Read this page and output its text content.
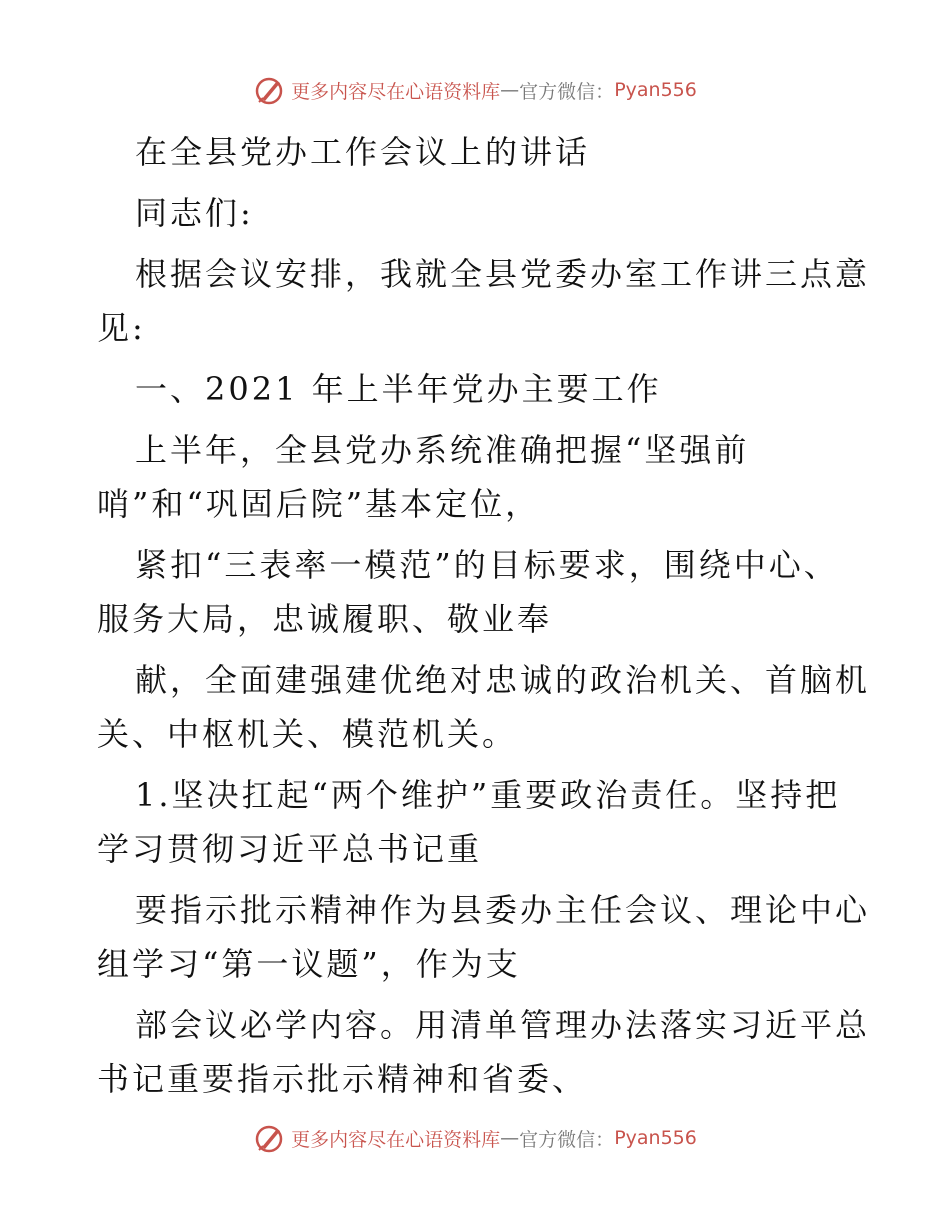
更多内容尽在心语资料库 — 官方微信： Pyan556
在全县党办工作会议上的讲话
同志们:
根据会议安排，我就全县党委办室工作讲三点意
见:
一、2021 年上半年党办主要工作
上半年，全县党办系统准确把握“坚强前
哨”和“巩固后院”基本定位，
紧扣“三表率一模范”的目标要求，围绕中心、
服务大局，忠诚履职、敬业奉
献，全面建强建优绝对忠诚的政治机关、首脑机
关、中枢机关、模范机关。
1.坚决扛起“两个维护”重要政治责任。坚持把
学习贯彻习近平总书记重
要指示批示精神作为县委办主任会议、理论中心
组学习“第一议题”，作为支
部会议必学内容。用清单管理办法落实习近平总
书记重要指示批示精神和省委、
更多内容尽在心语资料库 — 官方微信： Pyan556
